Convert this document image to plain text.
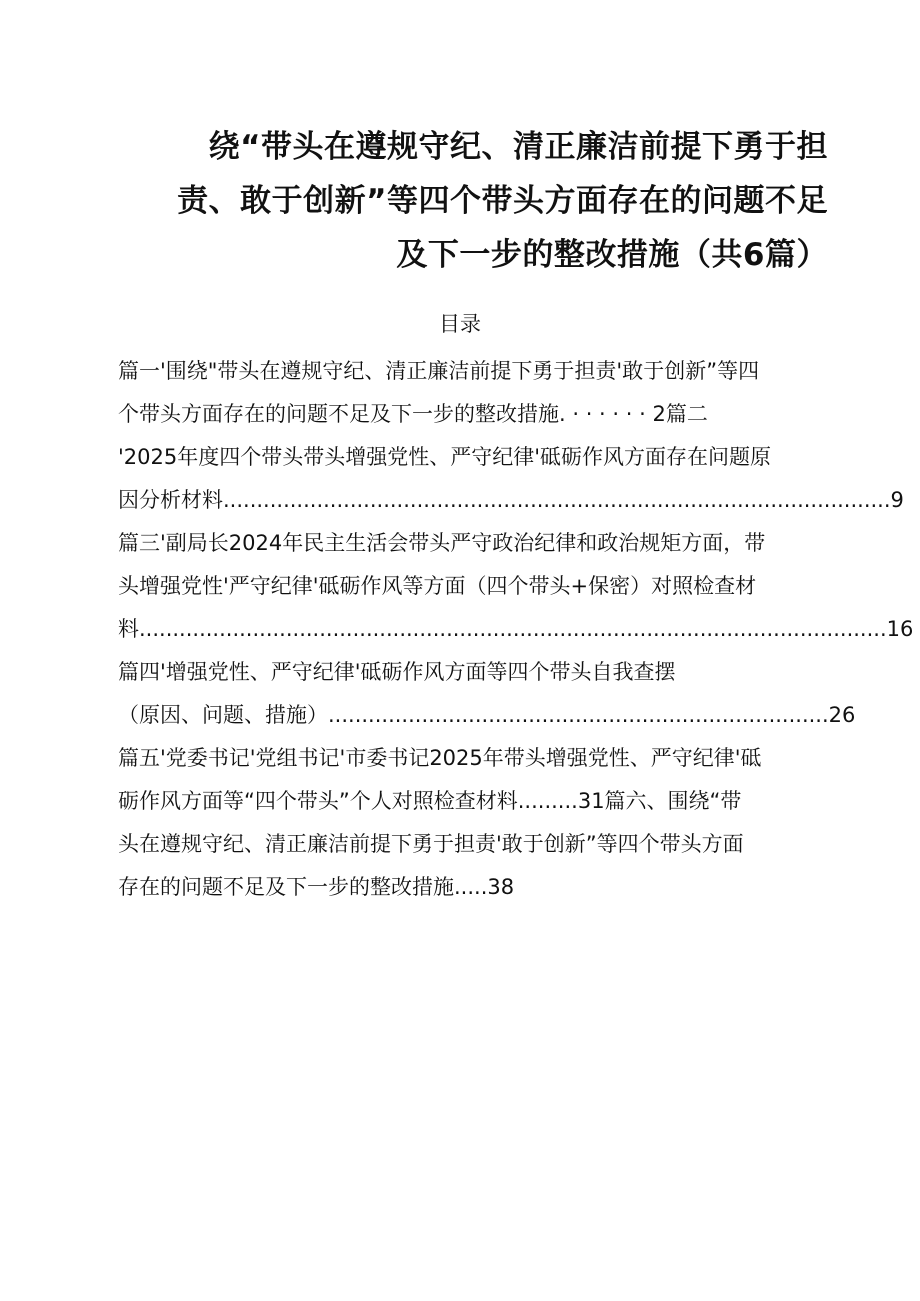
绕“带头在遵规守纪、清正廉洁前提下勇于担
责、敢于创新”等四个带头方面存在的问题不足
及下一步的整改措施（共6篇）
目录
篇一'围绕"带头在遵规守纪、清正廉洁前提下勇于担责'敢于创新”等四
个带头方面存在的问题不足及下一步的整改措施. · · · · · · 2篇二
'2025年度四个带头带头增强党性、严守纪律'砥砺作风方面存在问题原
因分析材料....................................................................................................9
篇三'副局长2024年民主生活会带头严守政治纪律和政治规矩方面，带
头增强党性'严守纪律'砥砺作风等方面（四个带头+保密）对照检查材
料................................................................................................................16
篇四'增强党性、严守纪律'砥砺作风方面等四个带头自我查摆
（原因、问题、措施）...........................................................................26
篇五'党委书记'党组书记'市委书记2025年带头增强党性、严守纪律'砥
砺作风方面等“四个带头”个人对照检查材料.........31篇六、围绕“带
头在遵规守纪、清正廉洁前提下勇于担责'敢于创新”等四个带头方面
存在的问题不足及下一步的整改措施.....38
